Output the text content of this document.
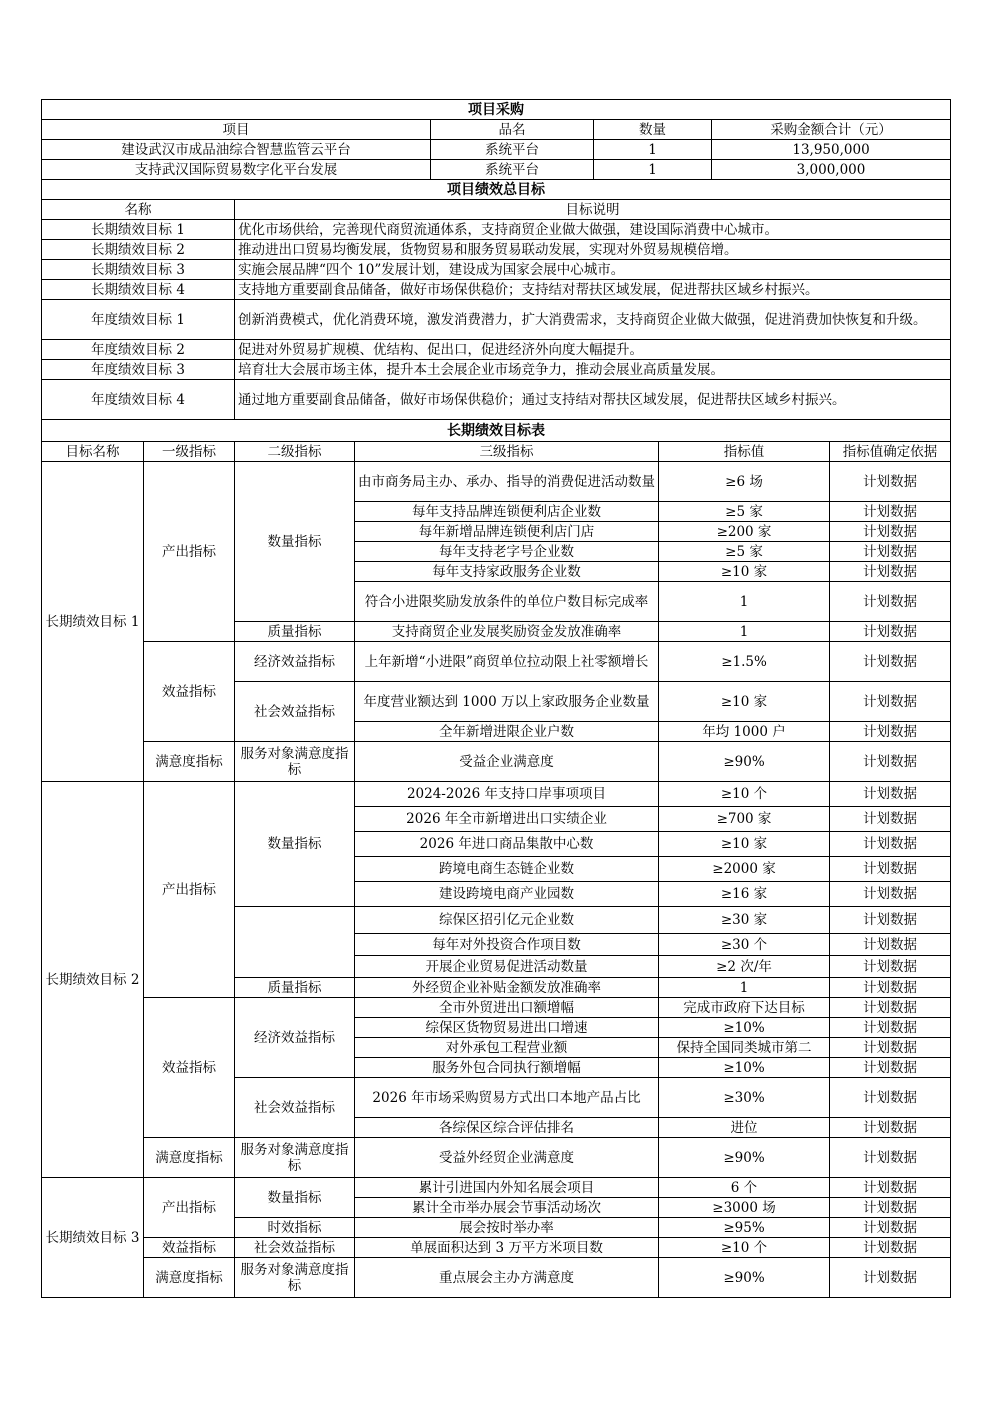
项目采购				
项目		品名	数量	采购金额合计（元）
建设武汉市成品油综合智慧监管云平台		系统平台	1	13,950,000
支持武汉国际贸易数字化平台发展		系统平台	1	3,000,000
项目绩效总目标				
名称	目标说明			
长期绩效目标 1	优化市场供给，完善现代商贸流通体系，支持商贸企业做大做强，建设国际消费中心城市。			
长期绩效目标 2	推动进出口贸易均衡发展，货物贸易和服务贸易联动发展，实现对外贸易规模倍增。			
长期绩效目标 3	实施会展品牌“四个 10”发展计划，建设成为国家会展中心城市。			
长期绩效目标 4	支持地方重要副食品储备，做好市场保供稳价；支持结对帮扶区域发展，促进帮扶区域乡村振兴。			
年度绩效目标 1	创新消费模式，优化消费环境，激发消费潜力，扩大消费需求，支持商贸企业做大做强，促进消费加快恢复和升级。			
年度绩效目标 2	促进对外贸易扩规模、优结构、促出口，促进经济外向度大幅提升。			
年度绩效目标 3	培育壮大会展市场主体，提升本土会展企业市场竞争力，推动会展业高质量发展。			
年度绩效目标 4	通过地方重要副食品储备，做好市场保供稳价；通过支持结对帮扶区域发展，促进帮扶区域乡村振兴。			
长期绩效目标表					
目标名称	一级指标	二级指标	三级指标	指标值	指标值确定依据
长期绩效目标 1	产出指标	数量指标	由市商务局主办、承办、指导的消费促进活动数量	≥6 场	计划数据
			每年支持品牌连锁便利店企业数	≥5 家	计划数据
			每年新增品牌连锁便利店门店	≥200 家	计划数据
			每年支持老字号企业数	≥5 家	计划数据
			每年支持家政服务企业数	≥10 家	计划数据
			符合小进限奖励发放条件的单位户数目标完成率	1	计划数据
		质量指标	支持商贸企业发展奖励资金发放准确率	1	计划数据
	效益指标	经济效益指标	上年新增“小进限”商贸单位拉动限上社零额增长	≥1.5%	计划数据
		社会效益指标	年度营业额达到 1000 万以上家政服务企业数量	≥10 家	计划数据
			全年新增进限企业户数	年均 1000 户	计划数据
	满意度指标	服务对象满意度指标	受益企业满意度	≥90%	计划数据
长期绩效目标 2	产出指标	数量指标	2024-2026 年支持口岸事项项目	≥10 个	计划数据
			2026 年全市新增进出口实绩企业	≥700 家	计划数据
			2026 年进口商品集散中心数	≥10 家	计划数据
			跨境电商生态链企业数	≥2000 家	计划数据
			建设跨境电商产业园数	≥16 家	计划数据
			综保区招引亿元企业数	≥30 家	计划数据
			每年对外投资合作项目数	≥30 个	计划数据
			开展企业贸易促进活动数量	≥2 次/年	计划数据
		质量指标	外经贸企业补贴金额发放准确率	1	计划数据
	效益指标	经济效益指标	全市外贸进出口额增幅	完成市政府下达目标	计划数据
			综保区货物贸易进出口增速	≥10%	计划数据
			对外承包工程营业额	保持全国同类城市第二	计划数据
			服务外包合同执行额增幅	≥10%	计划数据
		社会效益指标	2026 年市场采购贸易方式出口本地产品占比	≥30%	计划数据
			各综保区综合评估排名	进位	计划数据
	满意度指标	服务对象满意度指标	受益外经贸企业满意度	≥90%	计划数据
长期绩效目标 3	产出指标	数量指标	累计引进国内外知名展会项目	6 个	计划数据
			累计全市举办展会节事活动场次	≥3000 场	计划数据
		时效指标	展会按时举办率	≥95%	计划数据
	效益指标	社会效益指标	单展面积达到 3 万平方米项目数	≥10 个	计划数据
	满意度指标	服务对象满意度指标	重点展会主办方满意度	≥90%	计划数据
